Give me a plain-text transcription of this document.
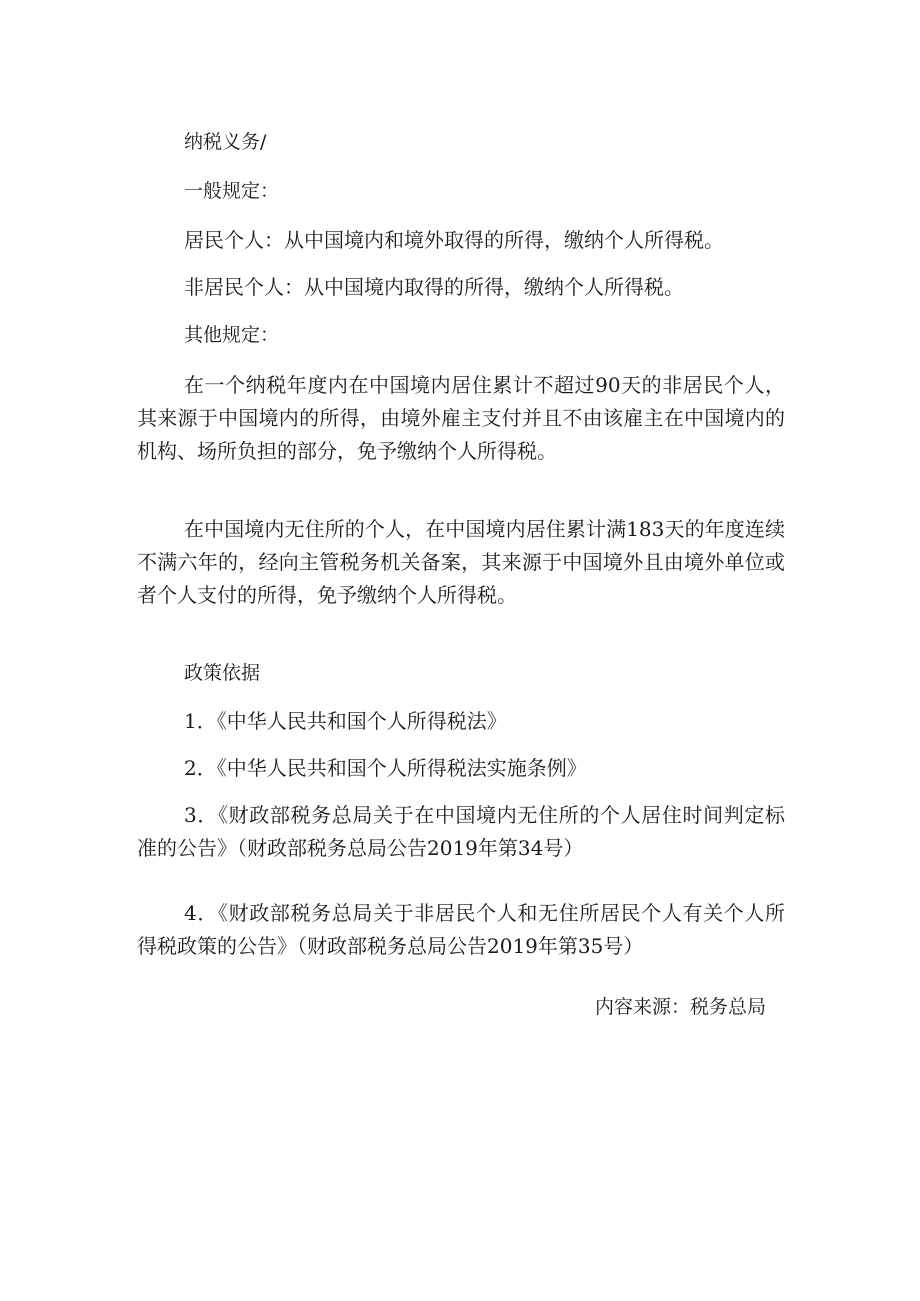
纳税义务/

一般规定：

居民个人：从中国境内和境外取得的所得，缴纳个人所得税。

非居民个人：从中国境内取得的所得，缴纳个人所得税。

其他规定：

在一个纳税年度内在中国境内居住累计不超过90天的非居民个人，其来源于中国境内的所得，由境外雇主支付并且不由该雇主在中国境内的机构、场所负担的部分，免予缴纳个人所得税。

在中国境内无住所的个人，在中国境内居住累计满183天的年度连续不满六年的，经向主管税务机关备案，其来源于中国境外且由境外单位或者个人支付的所得，免予缴纳个人所得税。

政策依据

1．《中华人民共和国个人所得税法》

2．《中华人民共和国个人所得税法实施条例》

3．《财政部税务总局关于在中国境内无住所的个人居住时间判定标准的公告》（财政部税务总局公告2019年第34号）

4．《财政部税务总局关于非居民个人和无住所居民个人有关个人所得税政策的公告》（财政部税务总局公告2019年第35号）

内容来源：税务总局
